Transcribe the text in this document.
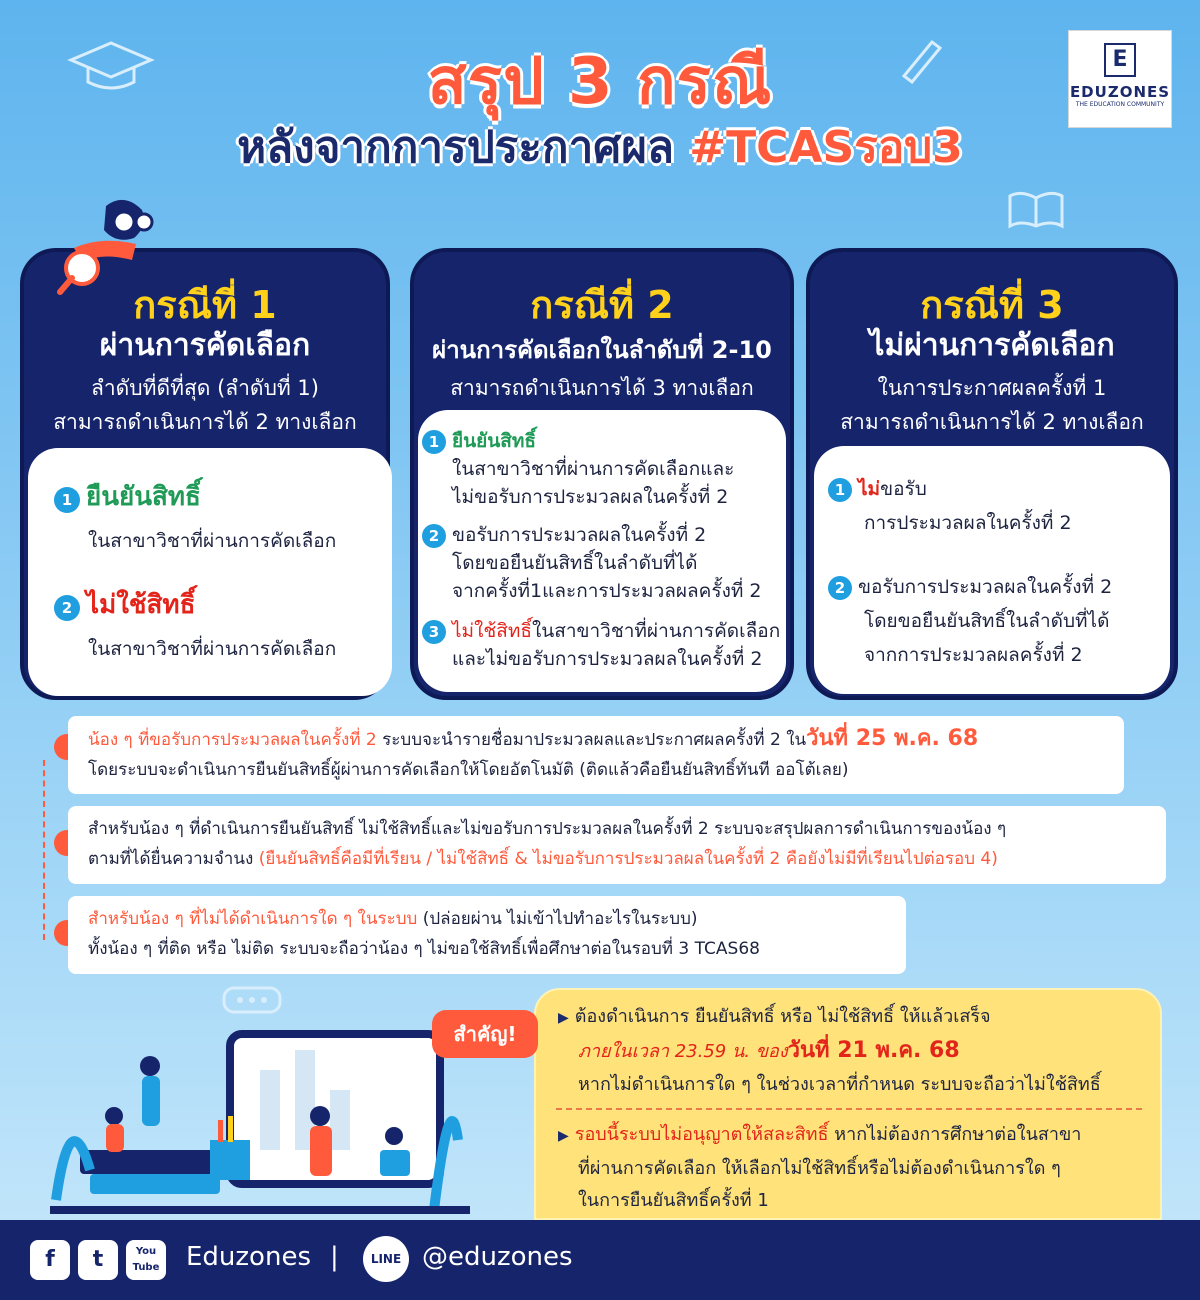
สรุป 3 กรณี
หลังจากการประกาศผล #TCASรอบ3
E
EDUZONES
THE EDUCATION COMMUNITY
กรณีที่ 1
ผ่านการคัดเลือก
ลำดับที่ดีที่สุด (ลำดับที่ 1)
สามารถดำเนินการได้ 2 ทางเลือก
1 ยืนยันสิทธิ์
ในสาขาวิชาที่ผ่านการคัดเลือก
2 ไม่ใช้สิทธิ์
ในสาขาวิชาที่ผ่านการคัดเลือก
กรณีที่ 2
ผ่านการคัดเลือกในลำดับที่ 2-10
สามารถดำเนินการได้ 3 ทางเลือก
1 ยืนยันสิทธิ์
ในสาขาวิชาที่ผ่านการคัดเลือกและ
ไม่ขอรับการประมวลผลในครั้งที่ 2
2 ขอรับการประมวลผลในครั้งที่ 2
โดยขอยืนยันสิทธิ์ในลำดับที่ได้
จากครั้งที่1และการประมวลผลครั้งที่ 2
3 ไม่ใช้สิทธิ์ในสาขาวิชาที่ผ่านการคัดเลือก
และไม่ขอรับการประมวลผลในครั้งที่ 2
กรณีที่ 3
ไม่ผ่านการคัดเลือก
ในการประกาศผลครั้งที่ 1
สามารถดำเนินการได้ 2 ทางเลือก
1 ไม่ขอรับ
การประมวลผลในครั้งที่ 2
2 ขอรับการประมวลผลในครั้งที่ 2
โดยขอยืนยันสิทธิ์ในลำดับที่ได้
จากการประมวลผลครั้งที่ 2
น้อง ๆ ที่ขอรับการประมวลผลในครั้งที่ 2 ระบบจะนำรายชื่อมาประมวลผลและประกาศผลครั้งที่ 2 ในวันที่ 25 พ.ค. 68
โดยระบบจะดำเนินการยืนยันสิทธิ์ผู้ผ่านการคัดเลือกให้โดยอัตโนมัติ (ติดแล้วคือยืนยันสิทธิ์ทันที ออโต้เลย)
สำหรับน้อง ๆ ที่ดำเนินการยืนยันสิทธิ์ ไม่ใช้สิทธิ์และไม่ขอรับการประมวลผลในครั้งที่ 2 ระบบจะสรุปผลการดำเนินการของน้อง ๆ
ตามที่ได้ยื่นความจำนง (ยืนยันสิทธิ์คือมีที่เรียน / ไม่ใช้สิทธิ์ & ไม่ขอรับการประมวลผลในครั้งที่ 2 คือยังไม่มีที่เรียนไปต่อรอบ 4)
สำหรับน้อง ๆ ที่ไม่ได้ดำเนินการใด ๆ ในระบบ (ปล่อยผ่าน ไม่เข้าไปทำอะไรในระบบ)
ทั้งน้อง ๆ ที่ติด หรือ ไม่ติด ระบบจะถือว่าน้อง ๆ ไม่ขอใช้สิทธิ์เพื่อศึกษาต่อในรอบที่ 3 TCAS68
▶ ต้องดำเนินการ ยืนยันสิทธิ์ หรือ ไม่ใช้สิทธิ์ ให้แล้วเสร็จ
ภายในเวลา 23.59 น. ของวันที่ 21 พ.ค. 68
หากไม่ดำเนินการใด ๆ ในช่วงเวลาที่กำหนด ระบบจะถือว่าไม่ใช้สิทธิ์
▶ รอบนี้ระบบไม่อนุญาตให้สละสิทธิ์ หากไม่ต้องการศึกษาต่อในสาขา
ที่ผ่านการคัดเลือก ให้เลือกไม่ใช้สิทธิ์หรือไม่ต้องดำเนินการใด ๆ
ในการยืนยันสิทธิ์ครั้งที่ 1
สำคัญ!
f	t	You Tube Eduzones |	LINE @eduzones
